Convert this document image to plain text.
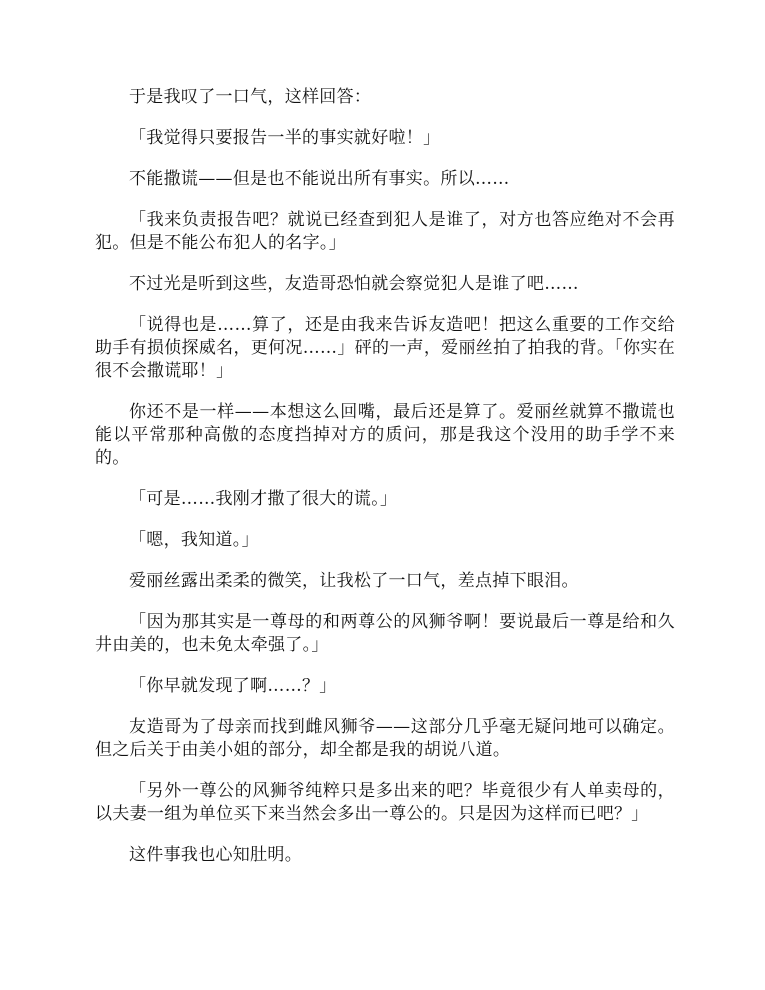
于是我叹了一口气，这样回答：

「我觉得只要报告一半的事实就好啦！」

不能撒谎——但是也不能说出所有事实。所以……

「我来负责报告吧？就说已经查到犯人是谁了，对方也答应绝对不会再犯。但是不能公布犯人的名字。」

不过光是听到这些，友造哥恐怕就会察觉犯人是谁了吧……

「说得也是……算了，还是由我来告诉友造吧！把这么重要的工作交给助手有损侦探威名，更何况……」砰的一声，爱丽丝拍了拍我的背。「你实在很不会撒谎耶！」

你还不是一样——本想这么回嘴，最后还是算了。爱丽丝就算不撒谎也能以平常那种高傲的态度挡掉对方的质问，那是我这个没用的助手学不来的。

「可是……我刚才撒了很大的谎。」

「嗯，我知道。」

爱丽丝露出柔柔的微笑，让我松了一口气，差点掉下眼泪。

「因为那其实是一尊母的和两尊公的风狮爷啊！要说最后一尊是给和久井由美的，也未免太牵强了。」

「你早就发现了啊……？」

友造哥为了母亲而找到雌风狮爷——这部分几乎毫无疑问地可以确定。但之后关于由美小姐的部分，却全都是我的胡说八道。

「另外一尊公的风狮爷纯粹只是多出来的吧？毕竟很少有人单卖母的，以夫妻一组为单位买下来当然会多出一尊公的。只是因为这样而已吧？」

这件事我也心知肚明。
